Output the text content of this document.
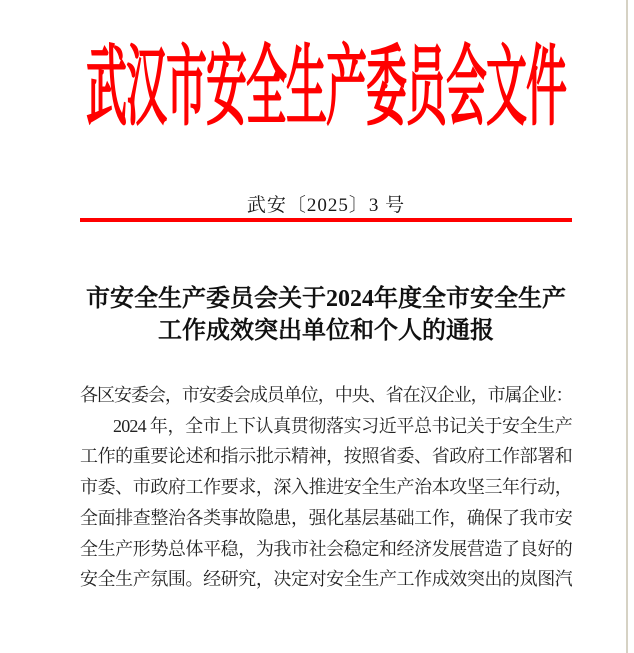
武汉市安全生产委员会文件
武安〔2025〕3 号
市安全生产委员会关于2024年度全市安全生产
工作成效突出单位和个人的通报
各区安委会，市安委会成员单位，中央、省在汉企业，市属企业：
2024 年，全市上下认真贯彻落实习近平总书记关于安全生产
工作的重要论述和指示批示精神，按照省委、省政府工作部署和
市委、市政府工作要求，深入推进安全生产治本攻坚三年行动，
全面排查整治各类事故隐患，强化基层基础工作，确保了我市安
全生产形势总体平稳，为我市社会稳定和经济发展营造了良好的
安全生产氛围。经研究，决定对安全生产工作成效突出的岚图汽
